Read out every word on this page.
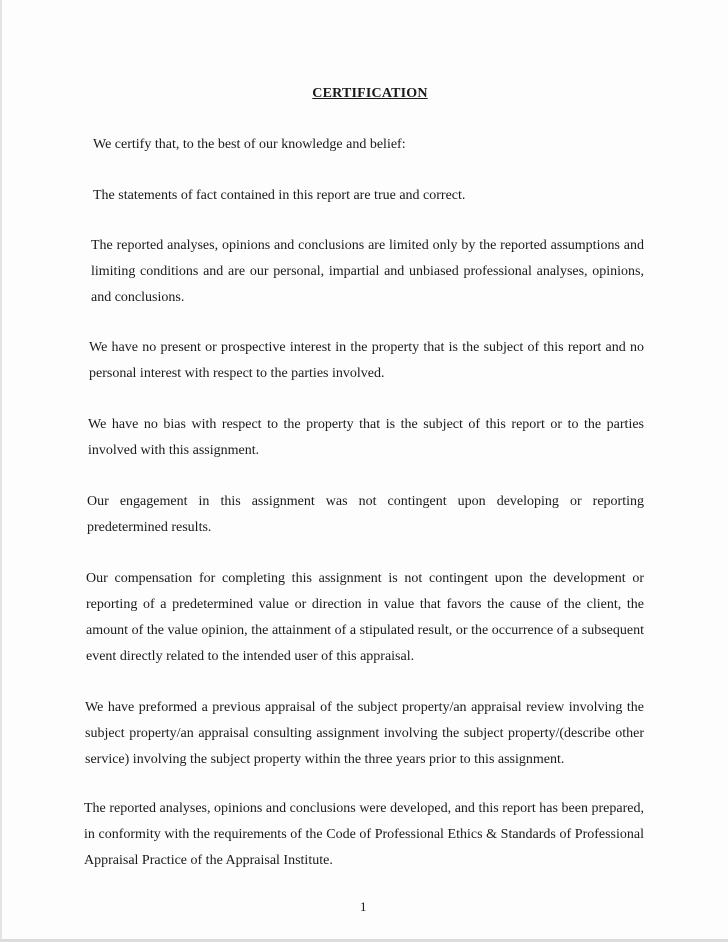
CERTIFICATION

We certify that, to the best of our knowledge and belief:

The statements of fact contained in this report are true and correct.

The reported analyses, opinions and conclusions are limited only by the reported assumptions and limiting conditions and are our personal, impartial and unbiased professional analyses, opinions, and conclusions.

We have no present or prospective interest in the property that is the subject of this report and no personal interest with respect to the parties involved.

We have no bias with respect to the property that is the subject of this report or to the parties involved with this assignment.

Our engagement in this assignment was not contingent upon developing or reporting predetermined results.

Our compensation for completing this assignment is not contingent upon the development or reporting of a predetermined value or direction in value that favors the cause of the client, the amount of the value opinion, the attainment of a stipulated result, or the occurrence of a subsequent event directly related to the intended user of this appraisal.

We have preformed a previous appraisal of the subject property/an appraisal review involving the subject property/an appraisal consulting assignment involving the subject property/(describe other service) involving the subject property within the three years prior to this assignment.

The reported analyses, opinions and conclusions were developed, and this report has been prepared, in conformity with the requirements of the Code of Professional Ethics & Standards of Professional Appraisal Practice of the Appraisal Institute.

1
